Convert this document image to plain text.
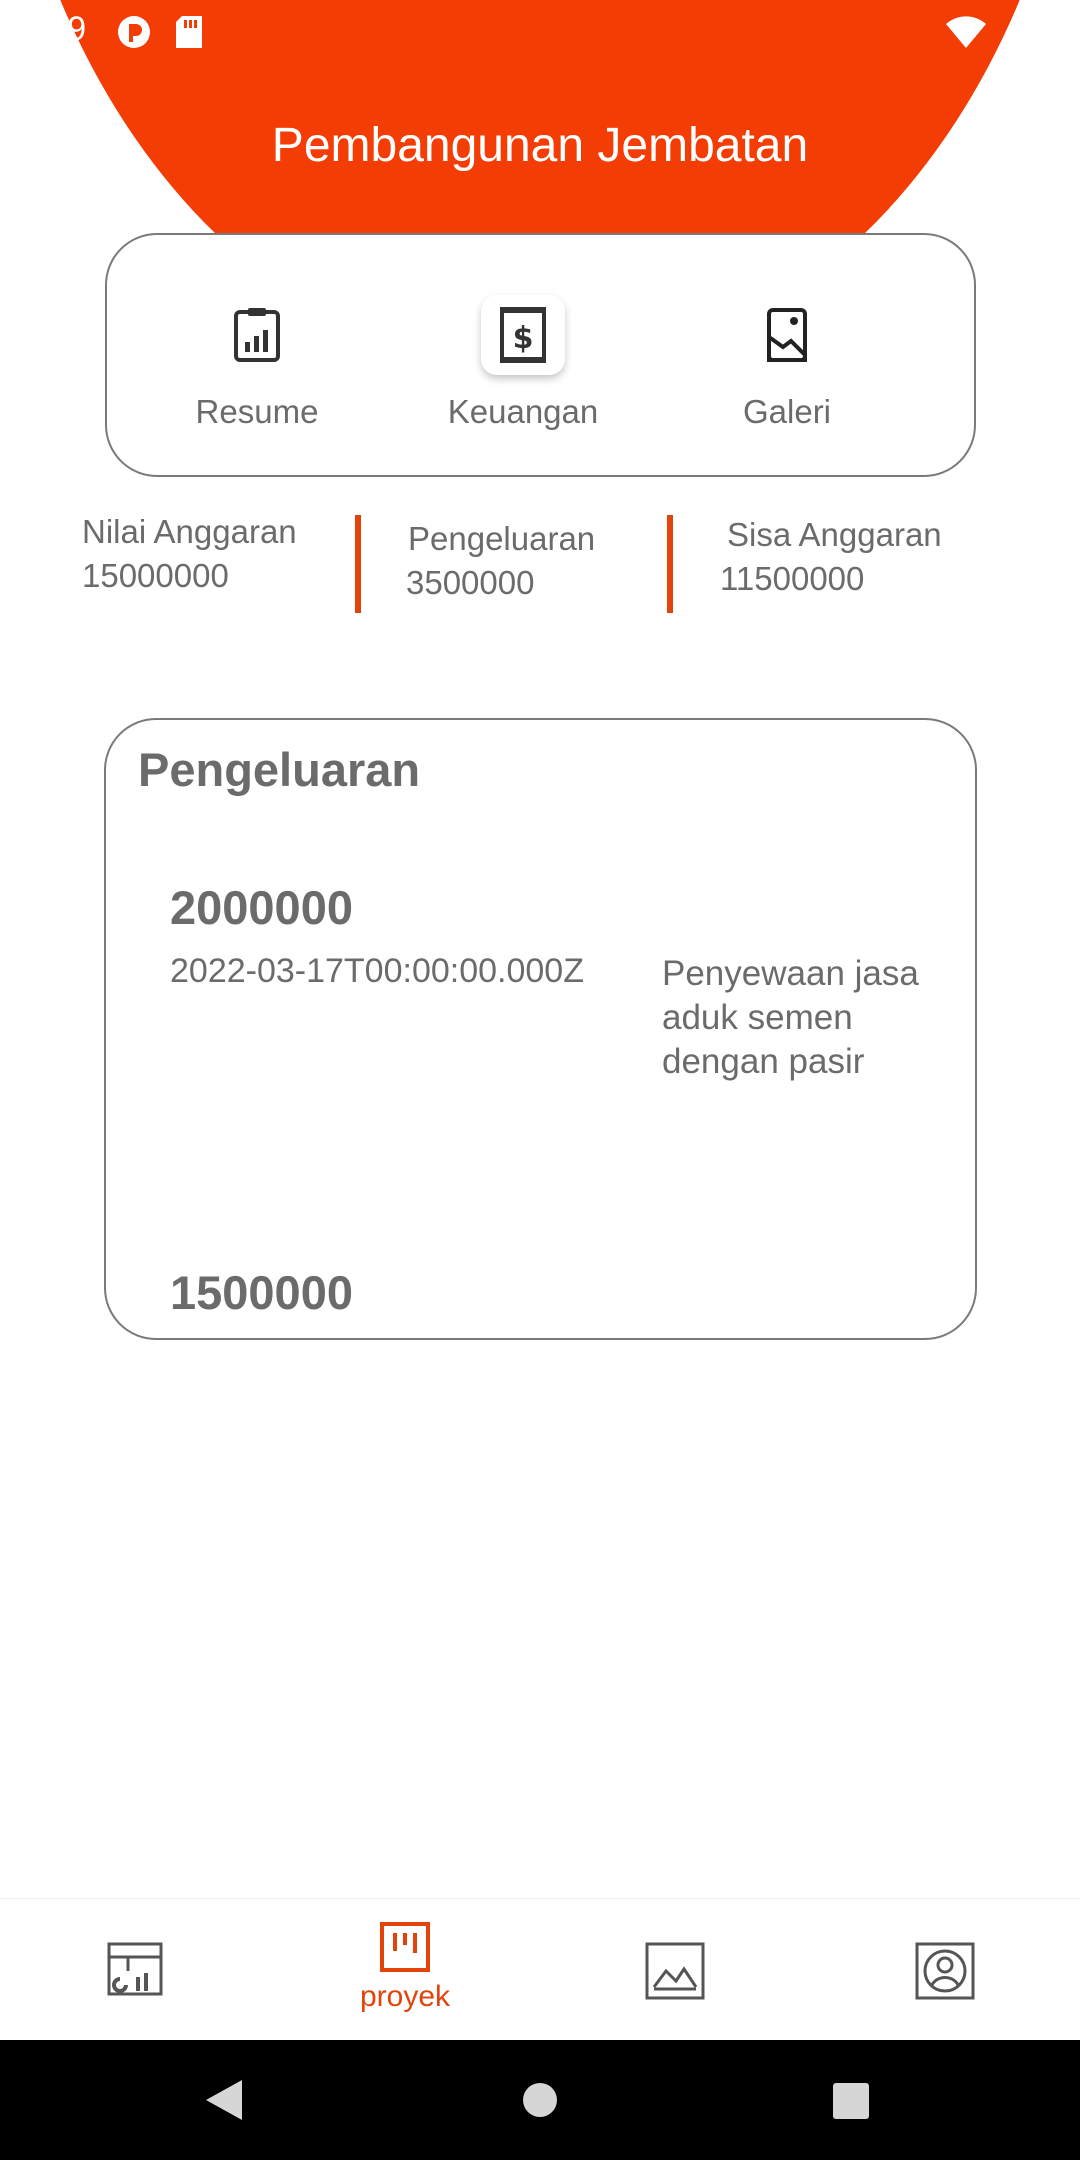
1:59
Pembangunan Jembatan
Resume
$
Keuangan	Galeri
Nilai Anggaran
15000000
Pengeluaran
3500000
Sisa Anggaran
11500000
Pengeluaran
2000000
2022-03-17T00:00:00.000Z Penyewaan jasa aduk semen dengan pasir
1500000
proyek
